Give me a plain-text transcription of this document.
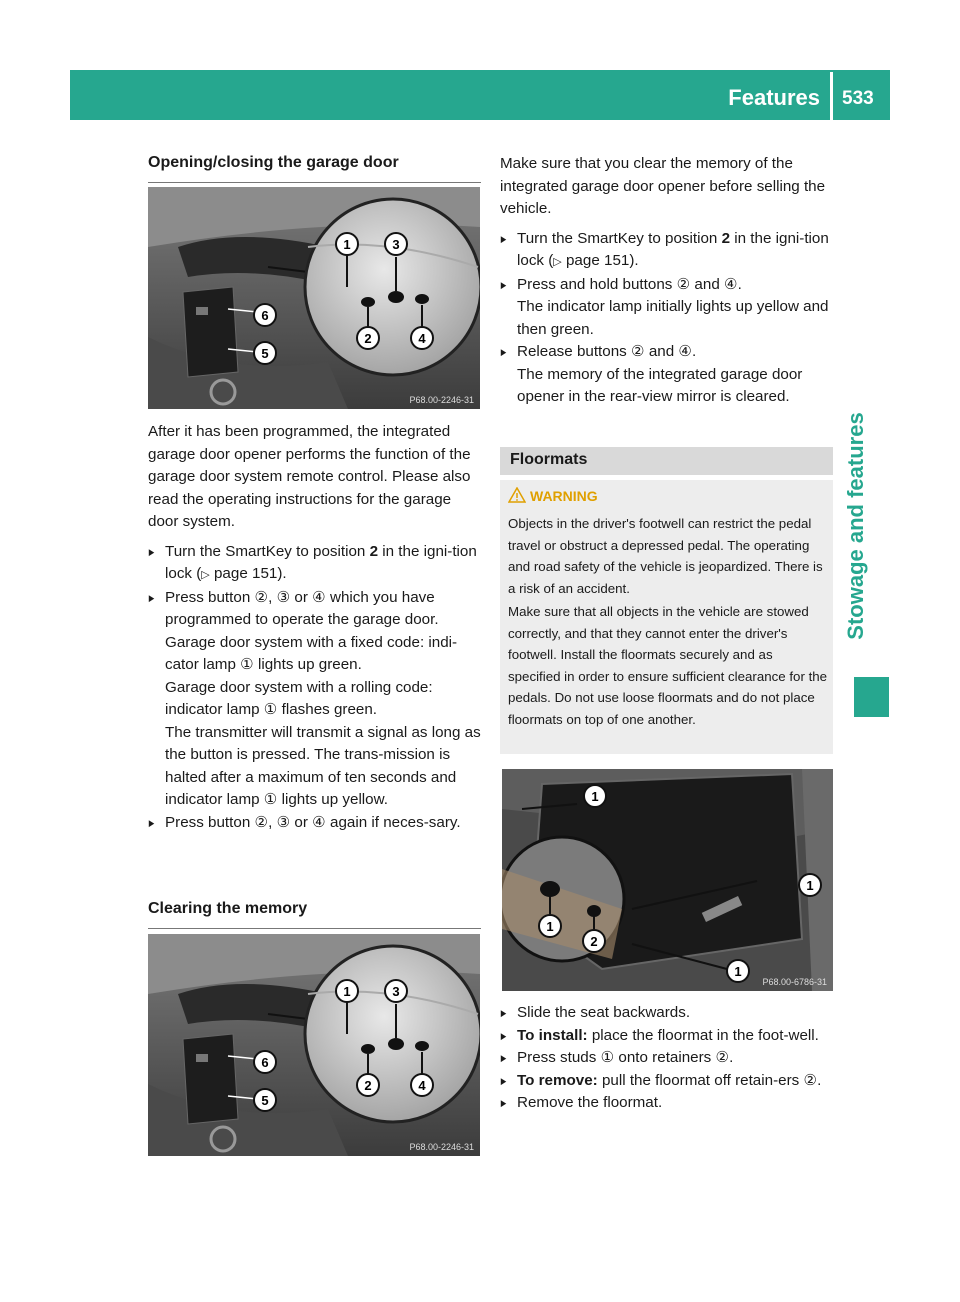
Features 533
Stowage and features

Opening/closing the garage door

1	3
6
5
2	4
P68.00-2246-31

After it has been programmed, the integrated garage door opener performs the function of the garage door system remote control. Please also read the operating instructions for the garage door system.

▶ Turn the SmartKey to position 2 in the igni-tion lock (▷ page 151).

▶ Press button ②, ③ or ④ which you have programmed to operate the garage door.

Garage door system with a fixed code: indi-cator lamp ① lights up green.

Garage door system with a rolling code: indicator lamp ① flashes green.

The transmitter will transmit a signal as long as the button is pressed. The trans-mission is halted after a maximum of ten seconds and indicator lamp ① lights up yellow.

▶ Press button ②, ③ or ④ again if neces-sary.

Clearing the memory

1	3
6
5
2	4
P68.00-2246-31

Make sure that you clear the memory of the integrated garage door opener before selling the vehicle.

▶ Turn the SmartKey to position 2 in the igni-tion lock (▷ page 151).

▶ Press and hold buttons ② and ④.
The indicator lamp initially lights up yellow and then green.

▶ Release buttons ② and ④.
The memory of the integrated garage door opener in the rear-view mirror is cleared.

Floormats
WARNING

Objects in the driver's footwell can restrict the pedal travel or obstruct a depressed pedal. The operating and road safety of the vehicle is jeopardized. There is a risk of an accident.

Make sure that all objects in the vehicle are stowed correctly, and that they cannot enter the driver's footwell. Install the floormats securely and as specified in order to ensure sufficient clearance for the pedals. Do not use loose floormats and do not place floormats on top of one another.

1
1
1
2
1
P68.00-6786-31

▶ Slide the seat backwards.

▶ To install: place the floormat in the foot-well.

▶ Press studs ① onto retainers ②.

▶ To remove: pull the floormat off retain-ers ②.

▶ Remove the floormat.
